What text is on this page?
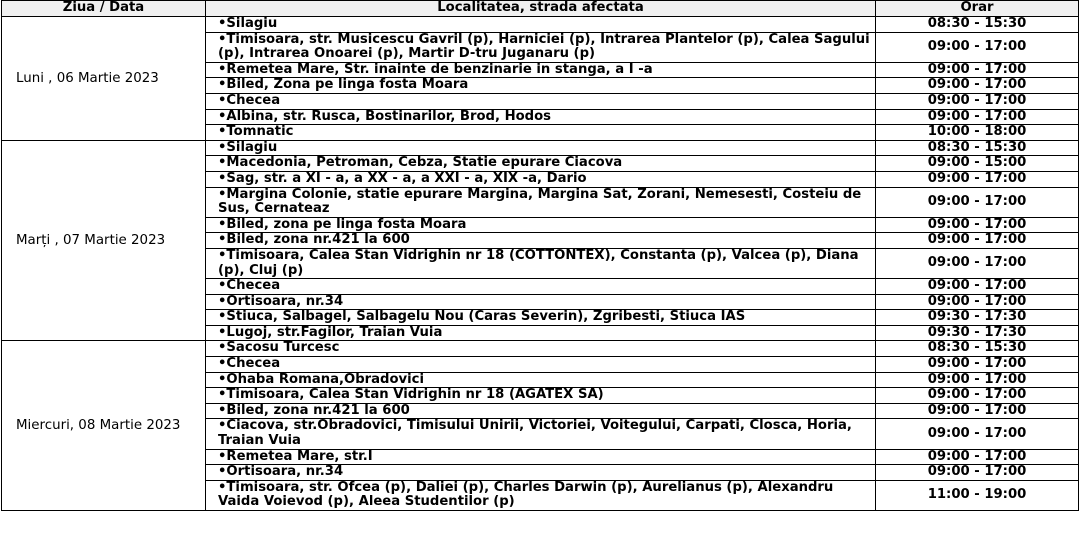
Ziua / Data	Localitatea, strada afectata	Orar
Luni , 06 Martie 2023	•Silagiu	08:30 - 15:30
	•Timisoara, str. Musicescu Gavril (p), Harniciei (p), Intrarea Plantelor (p), Calea Sagului (p), Intrarea Onoarei (p), Martir D-tru Juganaru (p)	09:00 - 17:00
	•Remetea Mare, Str. inainte de benzinarie in stanga, a I -a	09:00 - 17:00
	•Biled, Zona pe linga fosta Moara	09:00 - 17:00
	•Checea	09:00 - 17:00
	•Albina, str. Rusca, Bostinarilor, Brod, Hodos	09:00 - 17:00
	•Tomnatic	10:00 - 18:00
Marți , 07 Martie 2023	•Silagiu	08:30 - 15:30
	•Macedonia, Petroman, Cebza, Statie epurare Ciacova	09:00 - 15:00
	•Sag, str. a XI - a, a XX - a, a XXI - a, XIX -a, Dario	09:00 - 17:00
	•Margina Colonie, statie epurare Margina, Margina Sat, Zorani, Nemesesti, Costeiu de Sus, Cernateaz	09:00 - 17:00
	•Biled, zona pe linga fosta Moara	09:00 - 17:00
	•Biled, zona nr.421 la 600	09:00 - 17:00
	•Timisoara, Calea Stan Vidrighin nr 18 (COTTONTEX), Constanta (p), Valcea (p), Diana (p), Cluj (p)	09:00 - 17:00
	•Checea	09:00 - 17:00
	•Ortisoara, nr.34	09:00 - 17:00
	•Stiuca, Salbagel, Salbagelu Nou (Caras Severin), Zgribesti, Stiuca IAS	09:30 - 17:30
	•Lugoj, str.Fagilor, Traian Vuia	09:30 - 17:30
Miercuri, 08 Martie 2023	•Sacosu Turcesc	08:30 - 15:30
	•Checea	09:00 - 17:00
	•Ohaba Romana,Obradovici	09:00 - 17:00
	•Timisoara, Calea Stan Vidrighin nr 18 (AGATEX SA)	09:00 - 17:00
	•Biled, zona nr.421 la 600	09:00 - 17:00
	•Ciacova, str.Obradovici, Timisului Unirii, Victoriei, Voitegului, Carpati, Closca, Horia, Traian Vuia	09:00 - 17:00
	•Remetea Mare, str.I	09:00 - 17:00
	•Ortisoara, nr.34	09:00 - 17:00
	•Timisoara, str. Ofcea (p), Daliei (p), Charles Darwin (p), Aurelianus (p), Alexandru Vaida Voievod (p), Aleea Studentilor (p)	11:00 - 19:00
